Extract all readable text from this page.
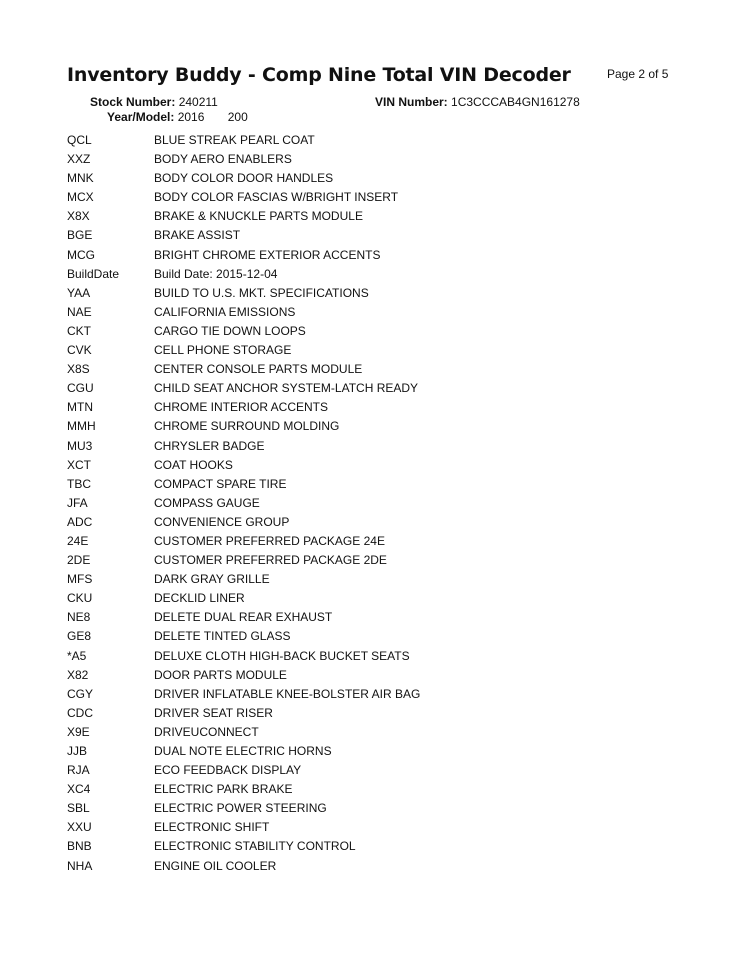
Inventory Buddy - Comp Nine Total VIN Decoder	Page 2 of 5
Stock Number: 240211	VIN Number: 1C3CCCAB4GN161278
Year/Model: 2016 200
QCL	BLUE STREAK PEARL COAT
XXZ	BODY AERO ENABLERS
MNK	BODY COLOR DOOR HANDLES
MCX	BODY COLOR FASCIAS W/BRIGHT INSERT
X8X	BRAKE & KNUCKLE PARTS MODULE
BGE	BRAKE ASSIST
MCG	BRIGHT CHROME EXTERIOR ACCENTS
BuildDate	Build Date: 2015-12-04
YAA	BUILD TO U.S. MKT. SPECIFICATIONS
NAE	CALIFORNIA EMISSIONS
CKT	CARGO TIE DOWN LOOPS
CVK	CELL PHONE STORAGE
X8S	CENTER CONSOLE PARTS MODULE
CGU	CHILD SEAT ANCHOR SYSTEM-LATCH READY
MTN	CHROME INTERIOR ACCENTS
MMH	CHROME SURROUND MOLDING
MU3	CHRYSLER BADGE
XCT	COAT HOOKS
TBC	COMPACT SPARE TIRE
JFA	COMPASS GAUGE
ADC	CONVENIENCE GROUP
24E	CUSTOMER PREFERRED PACKAGE 24E
2DE	CUSTOMER PREFERRED PACKAGE 2DE
MFS	DARK GRAY GRILLE
CKU	DECKLID LINER
NE8	DELETE DUAL REAR EXHAUST
GE8	DELETE TINTED GLASS
*A5	DELUXE CLOTH HIGH-BACK BUCKET SEATS
X82	DOOR PARTS MODULE
CGY	DRIVER INFLATABLE KNEE-BOLSTER AIR BAG
CDC	DRIVER SEAT RISER
X9E	DRIVEUCONNECT
JJB	DUAL NOTE ELECTRIC HORNS
RJA	ECO FEEDBACK DISPLAY
XC4	ELECTRIC PARK BRAKE
SBL	ELECTRIC POWER STEERING
XXU	ELECTRONIC SHIFT
BNB	ELECTRONIC STABILITY CONTROL
NHA	ENGINE OIL COOLER
